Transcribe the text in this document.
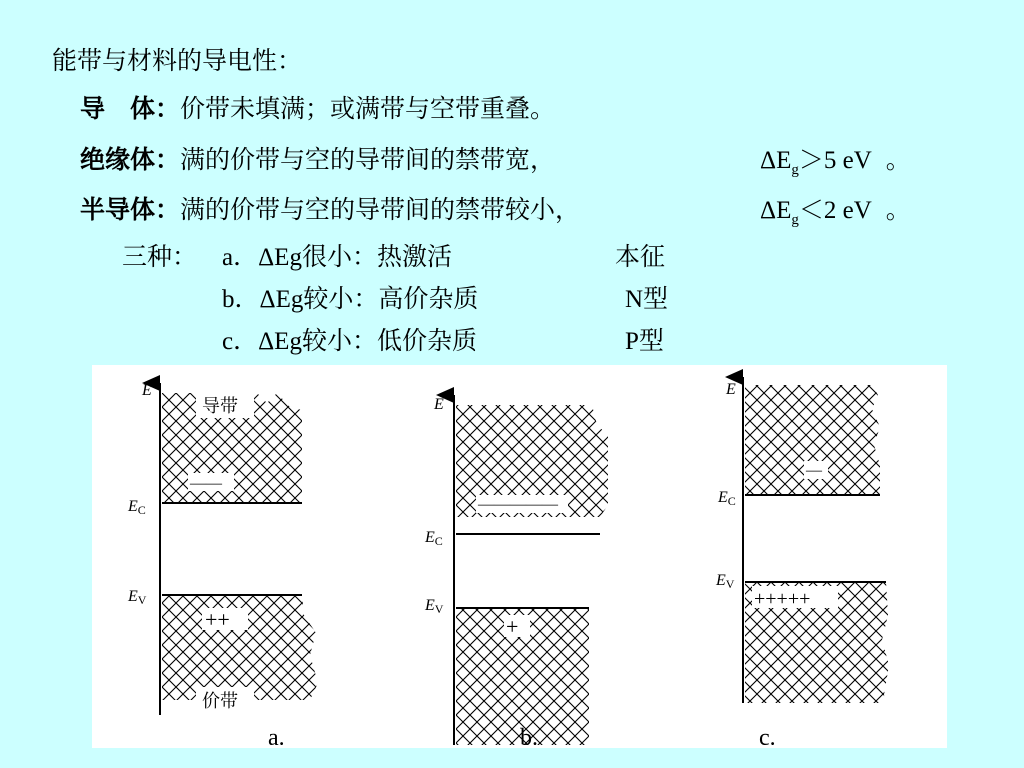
能带与材料的导电性：
导　体：价带未填满；或满带与空带重叠。
绝缘体：满的价带与空的导带间的禁带宽，	$\Delta E_g>5$ eV 。
半导体：满的价带与空的导带间的禁带较小，	$\Delta E_g<2$ eV 。
三种： a．ΔEg很小：热激活	本征
b．ΔEg较小：高价杂质	N型
c．ΔEg较小：低价杂质	P型
导带
——
++
价带
E
EC
EV
a.
—————
+
E
EC
EV
b.
—
+++++
E
EC
EV
c.
